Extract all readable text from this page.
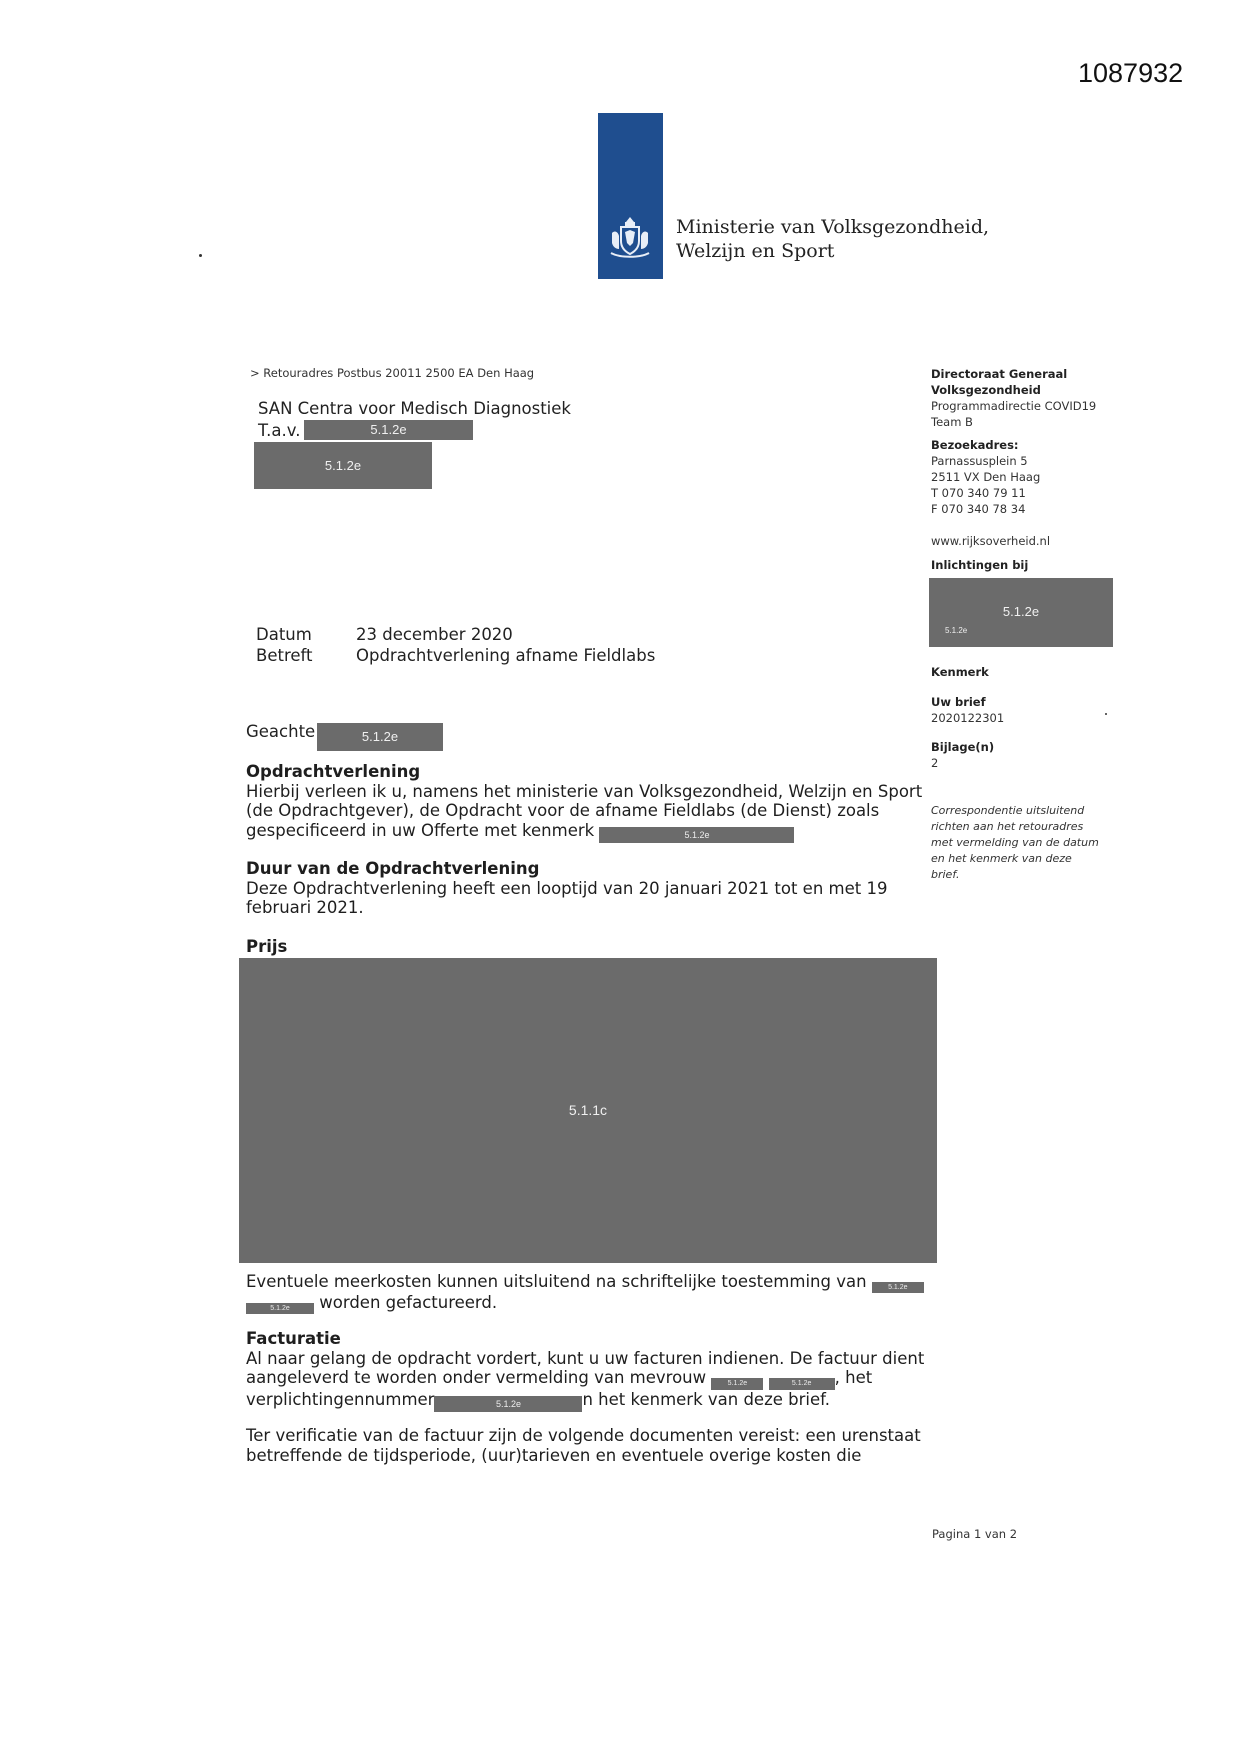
1087932
Ministerie van Volksgezondheid,
Welzijn en Sport
> Retouradres Postbus 20011 2500 EA Den Haag
SAN Centra voor Medisch Diagnostiek
T.a.v.	5.1.2e
5.1.2e
Directoraat Generaal
Volksgezondheid
Programmadirectie COVID19
Team B
Bezoekadres:
Parnassusplein 5
2511 VX Den Haag
T 070 340 79 11
F 070 340 78 34
www.rijksoverheid.nl
Inlichtingen bij
5.1.2e
5.1.2e
Kenmerk
Uw brief
2020122301
Bijlage(n)
2
Correspondentie uitsluitend
richten aan het retouradres
met vermelding van de datum
en het kenmerk van deze
brief.
Datum	23 december 2020
Betreft	Opdrachtverlening afname Fieldlabs
Geachte	5.1.2e
Opdrachtverlening
Hierbij verleen ik u, namens het ministerie van Volksgezondheid, Welzijn en Sport
(de Opdrachtgever), de Opdracht voor de afname Fieldlabs (de Dienst) zoals
gespecificeerd in uw Offerte met kenmerk	5.1.2e
Duur van de Opdrachtverlening
Deze Opdrachtverlening heeft een looptijd van 20 januari 2021 tot en met 19
februari 2021.
Prijs
5.1.1c
Eventuele meerkosten kunnen uitsluitend na schriftelijke toestemming van	5.1.2e
5.1.2e worden gefactureerd.
Facturatie
Al naar gelang de opdracht vordert, kunt u uw facturen indienen. De factuur dient
aangeleverd te worden onder vermelding van mevrouw	5.1.2e	5.1.2e , het
verplichtingennummer	5.1.2e	n het kenmerk van deze brief.
Ter verificatie van de factuur zijn de volgende documenten vereist: een urenstaat
betreffende de tijdsperiode, (uur)tarieven en eventuele overige kosten die
Pagina 1 van 2
